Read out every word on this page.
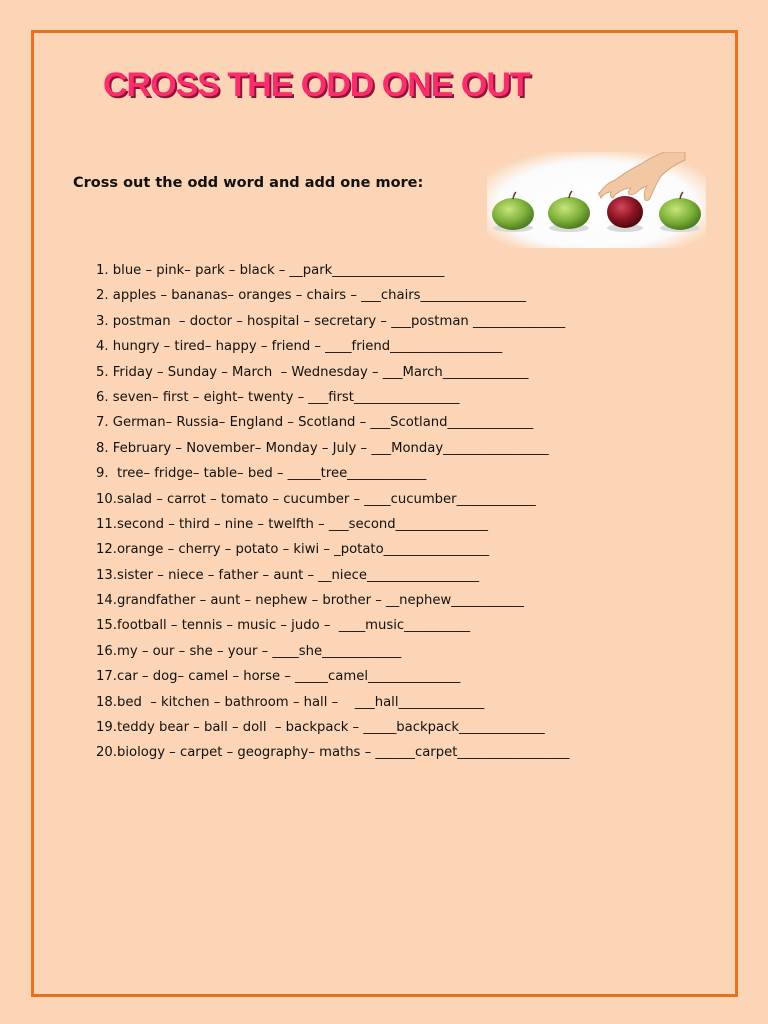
CROSS THE ODD ONE OUT
Cross out the odd word and add one more:
1. blue – pink– park – black – __park_________________
2. apples – bananas– oranges – chairs – ___chairs________________
3. postman  – doctor – hospital – secretary – ___postman ______________
4. hungry – tired– happy – friend – ____friend_________________
5. Friday – Sunday – March  – Wednesday – ___March_____________
6. seven– first – eight– twenty – ___first________________
7. German– Russia– England – Scotland – ___Scotland_____________
8. February – November– Monday – July – ___Monday________________
9.  tree– fridge– table– bed – _____tree____________
10.salad – carrot – tomato – cucumber – ____cucumber____________
11.second – third – nine – twelfth – ___second______________
12.orange – cherry – potato – kiwi – _potato________________
13.sister – niece – father – aunt – __niece_________________
14.grandfather – aunt – nephew – brother – __nephew___________
15.football – tennis – music – judo –  ____music__________
16.my – our – she – your – ____she____________
17.car – dog– camel – horse – _____camel______________
18.bed  – kitchen – bathroom – hall –    ___hall_____________
19.teddy bear – ball – doll  – backpack – _____backpack_____________
20.biology – carpet – geography– maths – ______carpet_________________
